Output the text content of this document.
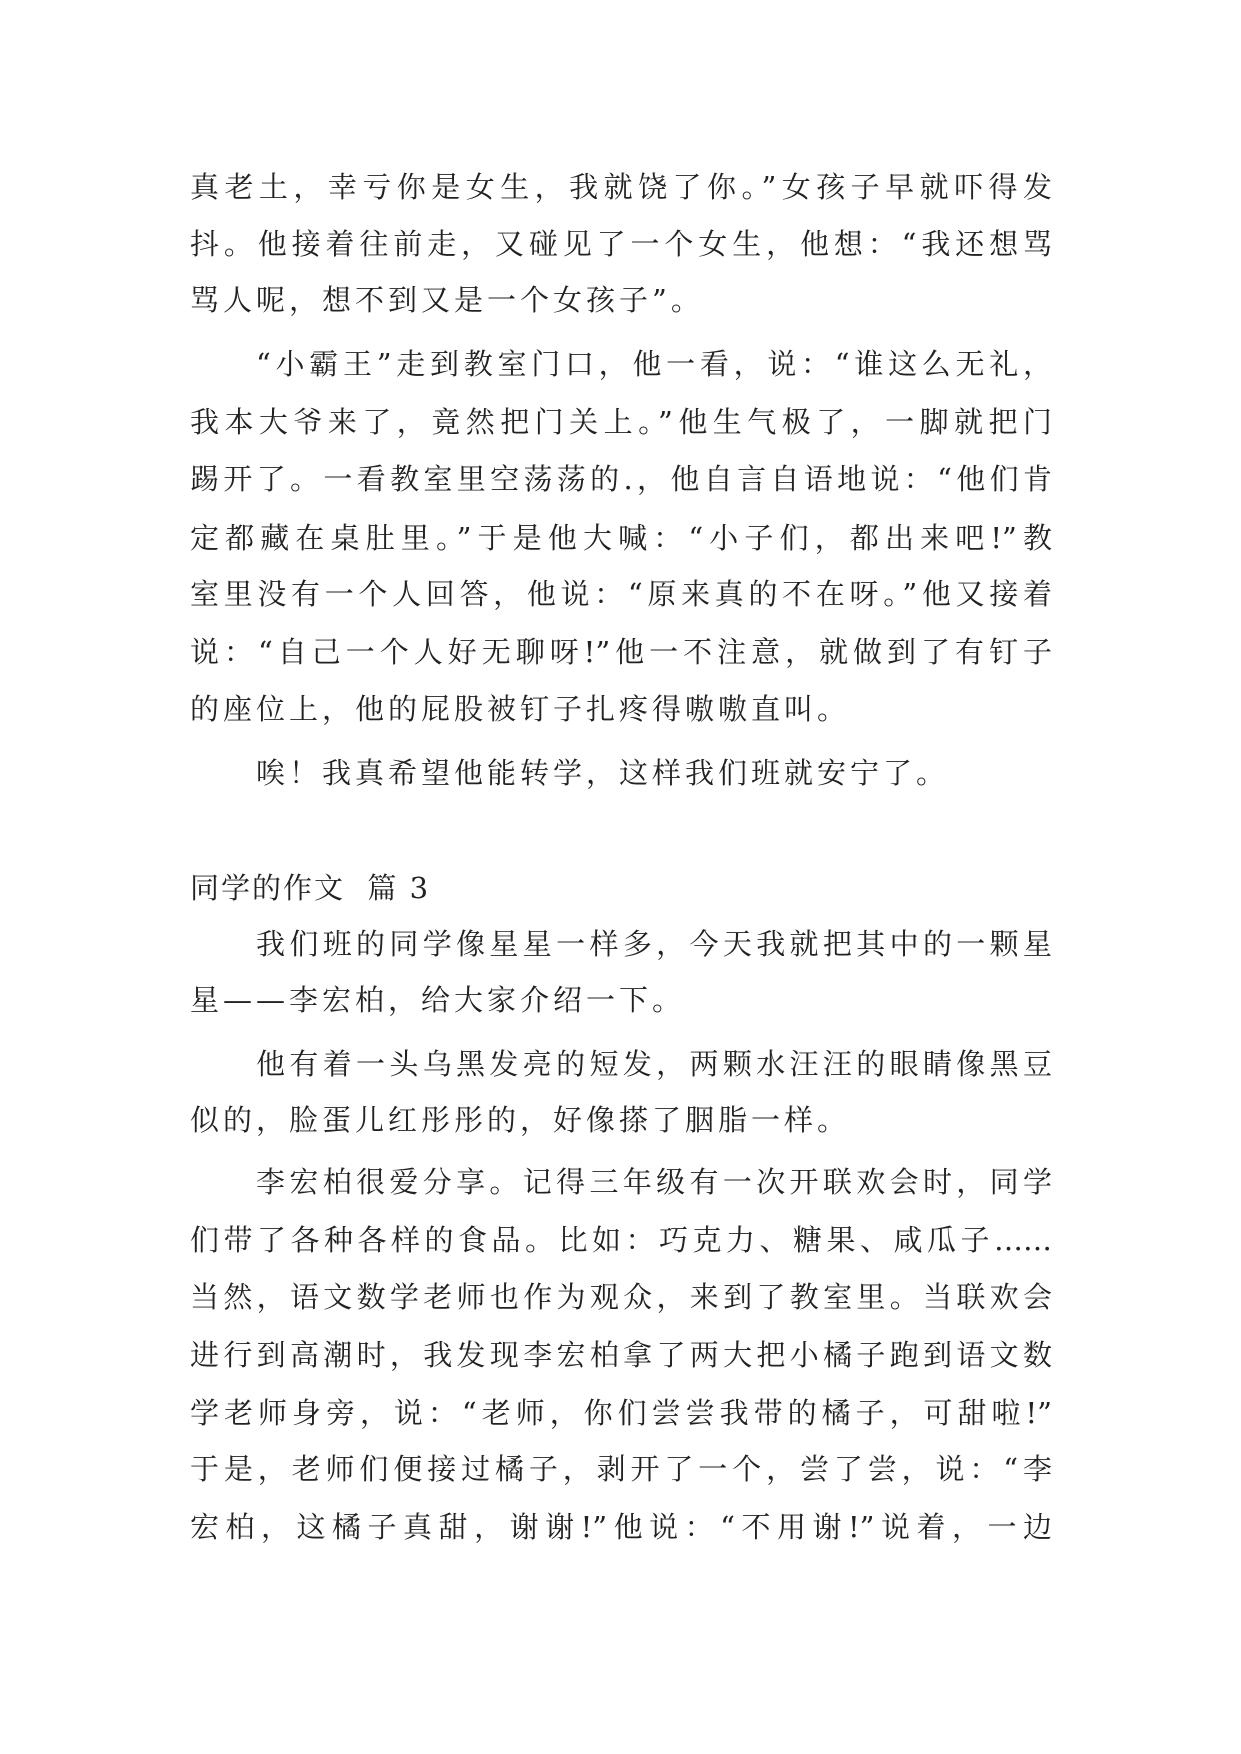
真老土，幸亏你是女生，我就饶了你。”女孩子早就吓得发
抖。他接着往前走，又碰见了一个女生，他想：“我还想骂
骂人呢，想不到又是一个女孩子”。
“小霸王”走到教室门口，他一看，说：“谁这么无礼，
我本大爷来了，竟然把门关上。”他生气极了，一脚就把门
踢开了。一看教室里空荡荡的.，他自言自语地说：“他们肯
定都藏在桌肚里。”于是他大喊：“小子们，都出来吧!”教
室里没有一个人回答，他说：“原来真的不在呀。”他又接着
说：“自己一个人好无聊呀!”他一不注意，就做到了有钉子
的座位上，他的屁股被钉子扎疼得嗷嗷直叫。
唉！我真希望他能转学，这样我们班就安宁了。
同学的作文  篇 3
我们班的同学像星星一样多，今天我就把其中的一颗星
星——李宏柏，给大家介绍一下。
他有着一头乌黑发亮的短发，两颗水汪汪的眼睛像黑豆
似的，脸蛋儿红彤彤的，好像搽了胭脂一样。
李宏柏很爱分享。记得三年级有一次开联欢会时，同学
们带了各种各样的食品。比如：巧克力、糖果、咸瓜子……
当然，语文数学老师也作为观众，来到了教室里。当联欢会
进行到高潮时，我发现李宏柏拿了两大把小橘子跑到语文数
学老师身旁，说：“老师，你们尝尝我带的橘子，可甜啦!”
于是，老师们便接过橘子，剥开了一个，尝了尝，说：“李
宏柏，这橘子真甜，谢谢!”他说：“不用谢!”说着，一边
